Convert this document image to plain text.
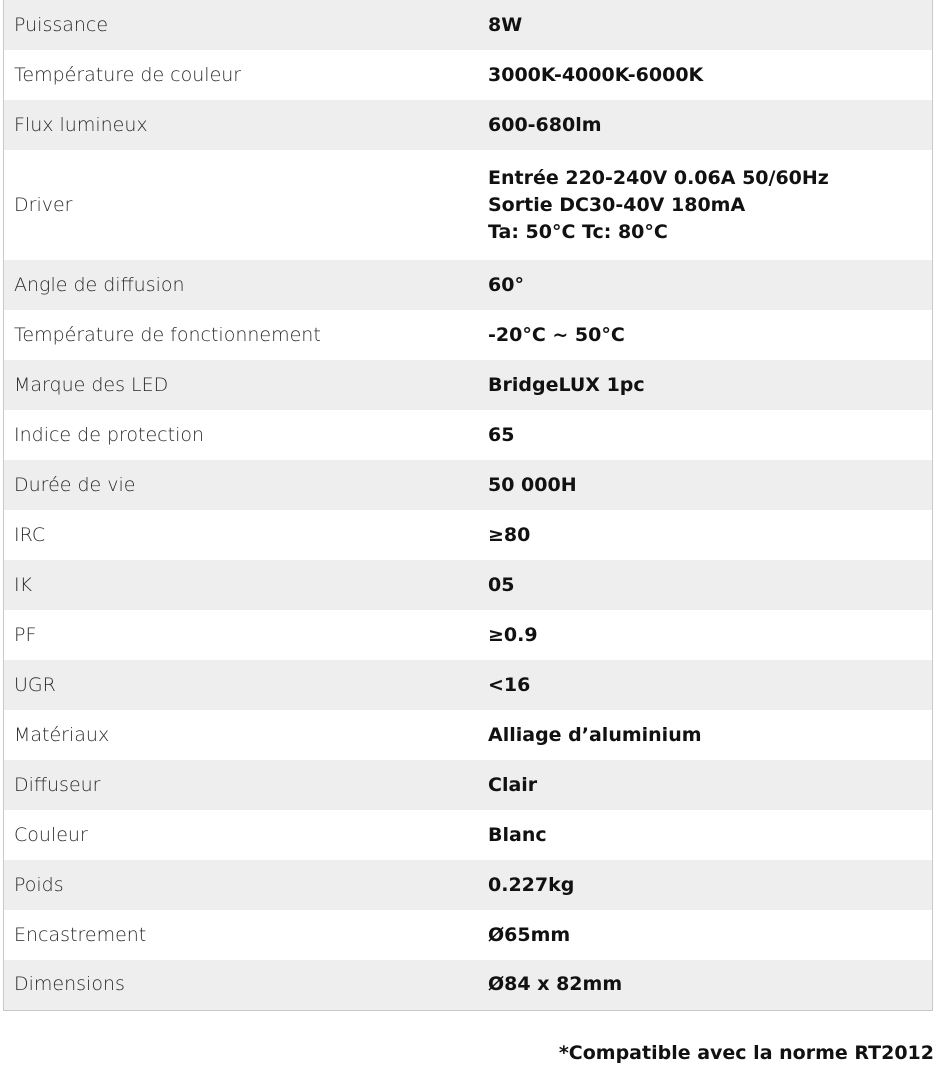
Puissance	8W

Température de couleur	3000K-4000K-6000K

Flux lumineux	600-680lm

Driver	Entrée 220-240V 0.06A 50/60Hz
Sortie DC30-40V 180mA
Ta: 50°C Tc: 80°C

Angle de diffusion	60°

Température de fonctionnement	-20°C ~ 50°C

Marque des LED	BridgeLUX 1pc

Indice de protection	65

Durée de vie	50 000H

IRC	≥80

IK	05

PF	≥0.9

UGR	<16

Matériaux	Alliage d’aluminium

Diffuseur	Clair

Couleur	Blanc

Poids	0.227kg

Encastrement	Ø65mm

Dimensions	Ø84 x 82mm
*Compatible avec la norme RT2012
